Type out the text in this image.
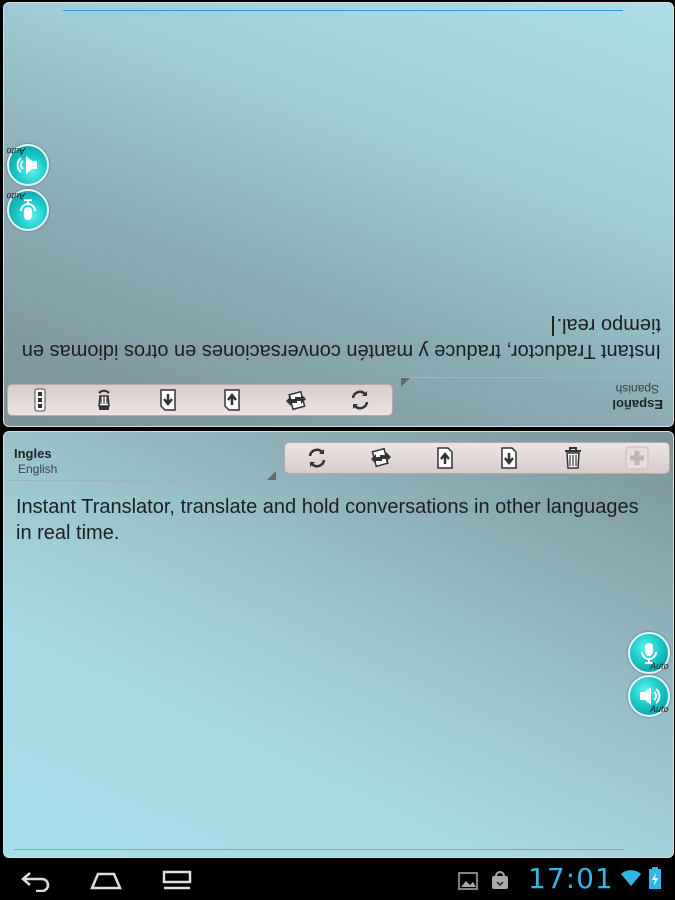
Español
Spanish
Instant Traductor, traduce y mantén conversaciones en otros idiomas en tiempo real.
Auto
Auto
Ingles
English
Instant Translator, translate and hold conversations in other languages in real time.
Auto
Auto
17:01
